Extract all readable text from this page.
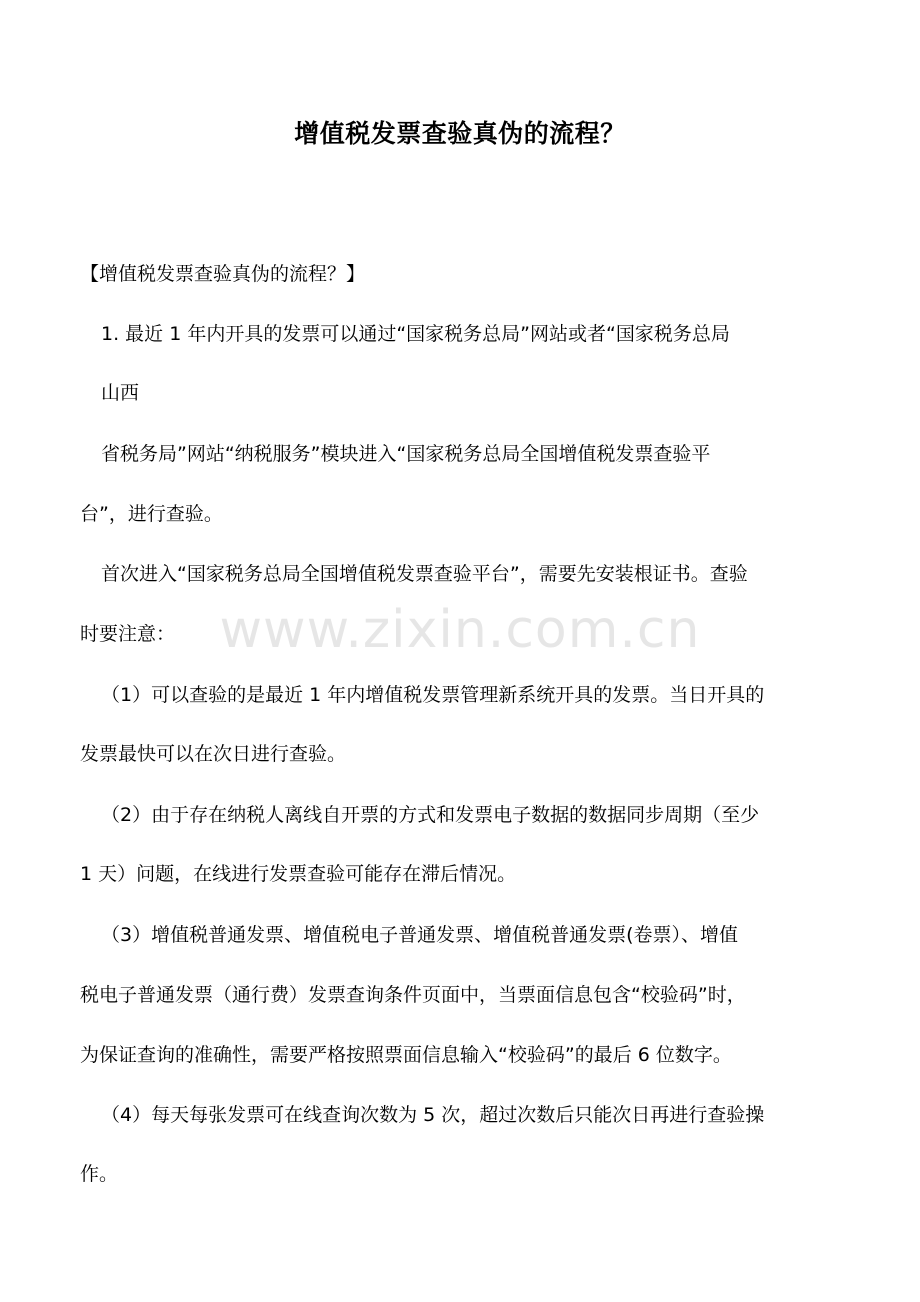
增值税发票查验真伪的流程？
【增值税发票查验真伪的流程？】
1. 最近 1 年内开具的发票可以通过“国家税务总局”网站或者“国家税务总局
山西
省税务局”网站“纳税服务”模块进入“国家税务总局全国增值税发票查验平
台”，进行查验。
首次进入“国家税务总局全国增值税发票查验平台”，需要先安装根证书。查验
时要注意：
（1）可以查验的是最近 1 年内增值税发票管理新系统开具的发票。当日开具的
发票最快可以在次日进行查验。
（2）由于存在纳税人离线自开票的方式和发票电子数据的数据同步周期（至少
1 天）问题，在线进行发票查验可能存在滞后情况。
（3）增值税普通发票、增值税电子普通发票、增值税普通发票(卷票）、增值
税电子普通发票（通行费）发票查询条件页面中，当票面信息包含“校验码”时，
为保证查询的准确性，需要严格按照票面信息输入“校验码”的最后 6 位数字。
（4）每天每张发票可在线查询次数为 5 次，超过次数后只能次日再进行查验操
作。
www.zixin.com.cn
